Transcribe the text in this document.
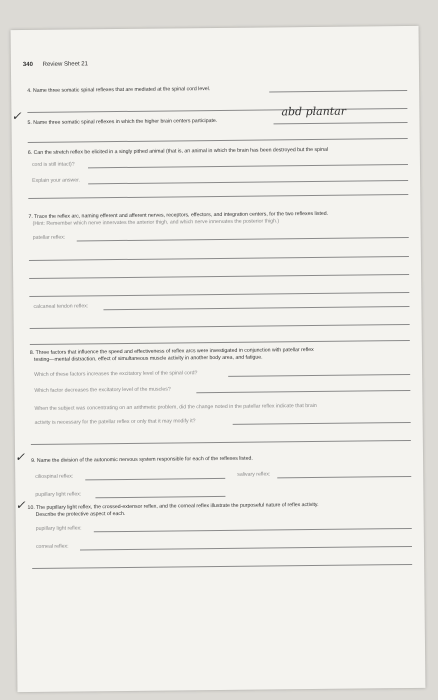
340 Review Sheet 21
4. Name three somatic spinal reflexes that are mediated at the spinal cord level.
✓ 5. Name three somatic spinal reflexes in which the higher brain centers participate.
abd plantar
6. Can the stretch reflex be elicited in a singly pithed animal (that is, an animal in which the brain has been destroyed but the spinal
cord is still intact)?
Explain your answer.
7. Trace the reflex arc, naming efferent and afferent nerves, receptors, effectors, and integration centers, for the two reflexes listed.
(Hint: Remember which nerve innervates the anterior thigh, and which nerve innervates the posterior thigh.)
patellar reflex:
calcaneal tendon reflex:
8. Three factors that influence the speed and effectiveness of reflex arcs were investigated in conjunction with patellar reflex
testing—mental distraction, effect of simultaneous muscle activity in another body area, and fatigue.
Which of these factors increases the excitatory level of the spinal cord?
Which factor decreases the excitatory level of the muscles?
When the subject was concentrating on an arithmetic problem, did the change noted in the patellar reflex indicate that brain
activity is necessary for the patellar reflex or only that it may modify it?
✓ 9. Name the division of the autonomic nervous system responsible for each of the reflexes listed.
ciliospinal reflex:	salivary reflex:
pupillary light reflex:
✓ 10. The pupillary light reflex, the crossed-extensor reflex, and the corneal reflex illustrate the purposeful nature of reflex activity.
Describe the protective aspect of each.
pupillary light reflex:
corneal reflex:
